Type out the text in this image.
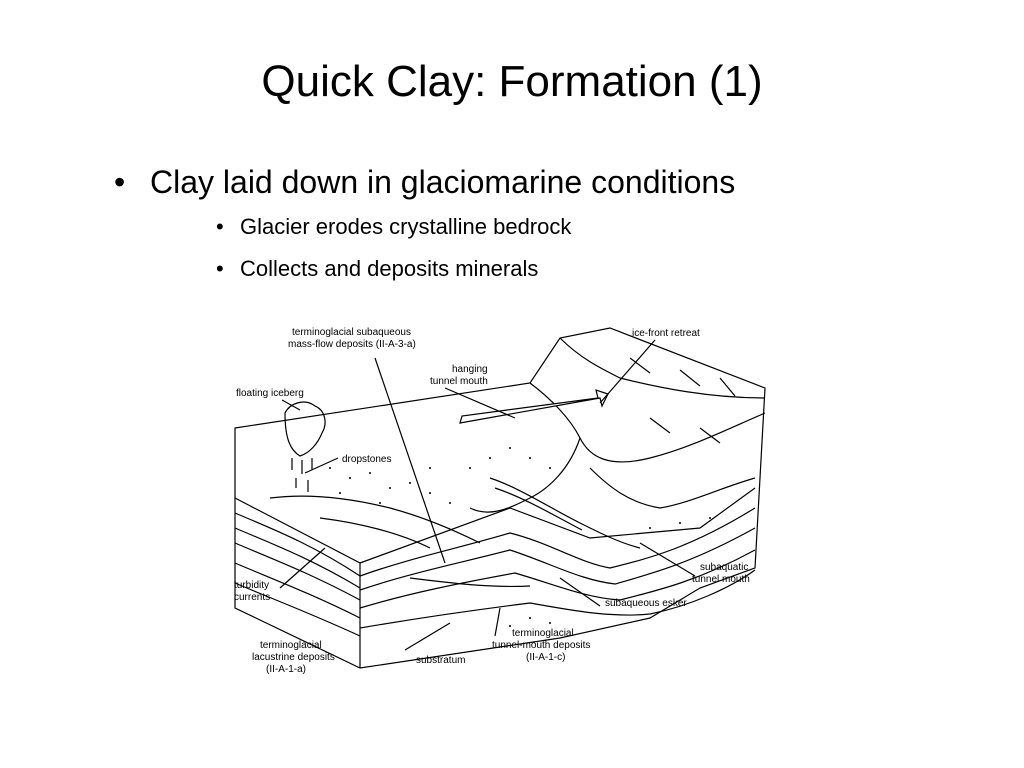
Quick Clay: Formation (1)
• Clay laid down in glaciomarine conditions
• Glacier erodes crystalline bedrock
• Collects and deposits minerals
terminoglacial subaqueous
mass-flow deposits (II-A-3-a)
hanging
tunnel mouth
ice-front retreat
floating iceberg
dropstones
turbidity
currents
subaquatic
tunnel mouth
subaqueous esker
terminoglacial
lacustrine deposits
(II-A-1-a)
terminoglacial
tunnel-mouth deposits
(II-A-1-c)
substratum
